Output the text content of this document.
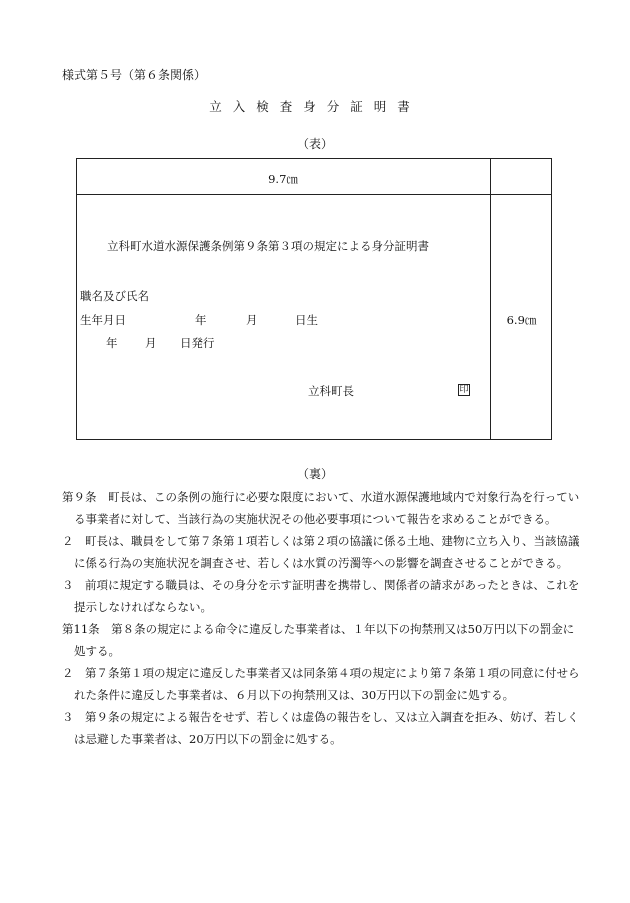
様式第５号（第６条関係）
立入検査身分証明書
（表）
9.7㎝
6.9㎝
立科町水道水源保護条例第９条第３項の規定による身分証明書
職名及び氏名
生年月日	年	月	日生
年 月 日発行
立科町長	印
（裏）

第９条　町長は、この条例の施行に必要な限度において、水道水源保護地域内で対象行為を行っている事業者に対して、当該行為の実施状況その他必要事項について報告を求めることができる。

２　町長は、職員をして第７条第１項若しくは第２項の協議に係る土地、建物に立ち入り、当該協議に係る行為の実施状況を調査させ、若しくは水質の汚濁等への影響を調査させることができる。

３　前項に規定する職員は、その身分を示す証明書を携帯し、関係者の請求があったときは、これを提示しなければならない。

第11条　第８条の規定による命令に違反した事業者は、１年以下の拘禁刑又は50万円以下の罰金に処する。

２　第７条第１項の規定に違反した事業者又は同条第４項の規定により第７条第１項の同意に付せられた条件に違反した事業者は、６月以下の拘禁刑又は、30万円以下の罰金に処する。

３　第９条の規定による報告をせず、若しくは虚偽の報告をし、又は立入調査を拒み、妨げ、若しくは忌避した事業者は、20万円以下の罰金に処する。
